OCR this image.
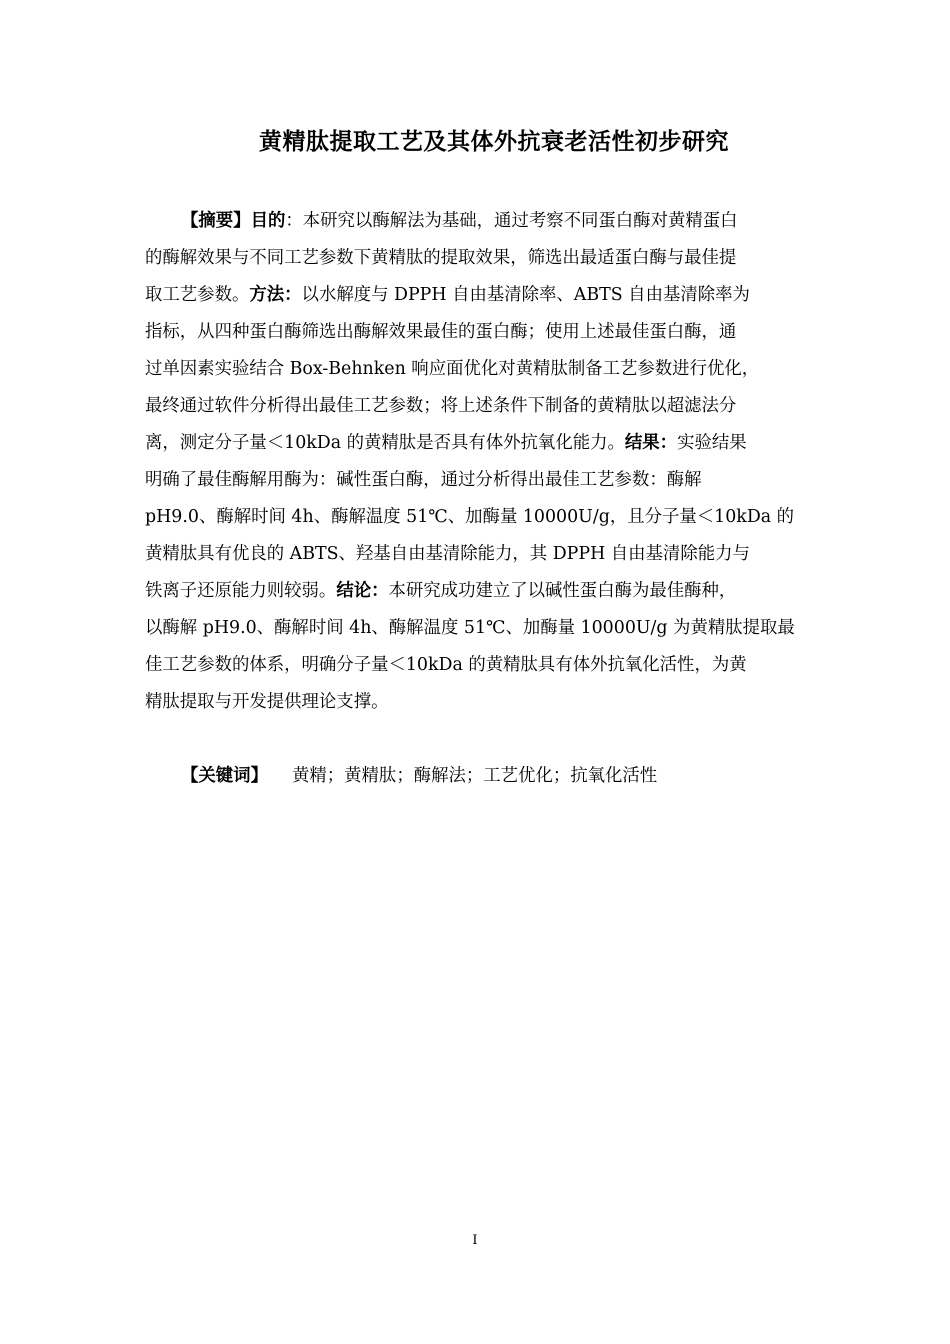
黄精肽提取工艺及其体外抗衰老活性初步研究
【摘要】目的：本研究以酶解法为基础，通过考察不同蛋白酶对黄精蛋白
的酶解效果与不同工艺参数下黄精肽的提取效果，筛选出最适蛋白酶与最佳提
取工艺参数。方法：以水解度与 DPPH 自由基清除率、ABTS 自由基清除率为
指标，从四种蛋白酶筛选出酶解效果最佳的蛋白酶；使用上述最佳蛋白酶，通
过单因素实验结合 Box-Behnken 响应面优化对黄精肽制备工艺参数进行优化，
最终通过软件分析得出最佳工艺参数；将上述条件下制备的黄精肽以超滤法分
离，测定分子量＜10kDa 的黄精肽是否具有体外抗氧化能力。结果：实验结果
明确了最佳酶解用酶为：碱性蛋白酶，通过分析得出最佳工艺参数：酶解
pH9.0、酶解时间 4h、酶解温度 51℃、加酶量 10000U/g，且分子量＜10kDa 的
黄精肽具有优良的 ABTS、羟基自由基清除能力，其 DPPH 自由基清除能力与
铁离子还原能力则较弱。结论：本研究成功建立了以碱性蛋白酶为最佳酶种，
以酶解 pH9.0、酶解时间 4h、酶解温度 51℃、加酶量 10000U/g 为黄精肽提取最
佳工艺参数的体系，明确分子量＜10kDa 的黄精肽具有体外抗氧化活性，为黄
精肽提取与开发提供理论支撑。
【关键词】 黄精；黄精肽；酶解法；工艺优化；抗氧化活性
I
